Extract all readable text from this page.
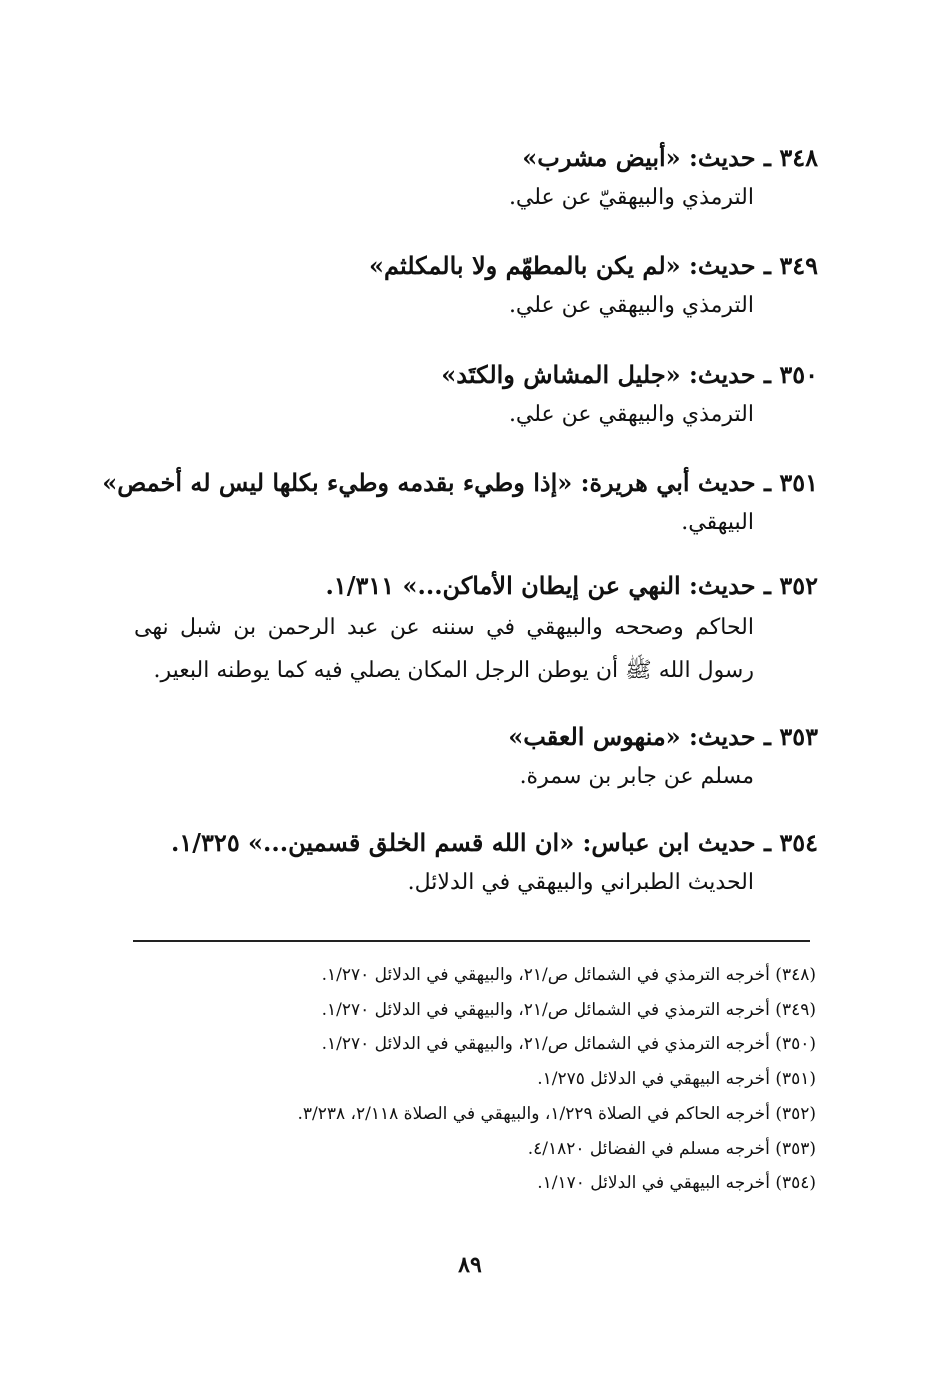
٣٤٨ ـ حديث: «أبيض مشرب»
الترمذي والبيهقيّ عن علي.
٣٤٩ ـ حديث: «لم يكن بالمطهّم ولا بالمكلثم»
الترمذي والبيهقي عن علي.
٣٥٠ ـ حديث: «جليل المشاش والكتَد»
الترمذي والبيهقي عن علي.
٣٥١ ـ حديث أبي هريرة: «إذا وطيء بقدمه وطيء بكلها ليس له أخمص»
البيهقي.
٣٥٢ ـ حديث: النهي عن إيطان الأماكن...» ١/٣١١.
الحاكم وصححه والبيهقي في سننه عن عبد الرحمن بن شبل نهى رسول الله ﷺ أن يوطن الرجل المكان يصلي فيه كما يوطنه البعير.
٣٥٣ ـ حديث: «منهوس العقب»
مسلم عن جابر بن سمرة.
٣٥٤ ـ حديث ابن عباس: «ان الله قسم الخلق قسمين...» ١/٣٢٥.
الحديث الطبراني والبيهقي في الدلائل.
(٣٤٨) أخرجه الترمذي في الشمائل ص/٢١، والبيهقي في الدلائل ١/٢٧٠.
(٣٤٩) أخرجه الترمذي في الشمائل ص/٢١، والبيهقي في الدلائل ١/٢٧٠.
(٣٥٠) أخرجه الترمذي في الشمائل ص/٢١، والبيهقي في الدلائل ١/٢٧٠.
(٣٥١) أخرجه البيهقي في الدلائل ١/٢٧٥.
(٣٥٢) أخرجه الحاكم في الصلاة ١/٢٢٩، والبيهقي في الصلاة ٢/١١٨، ٣/٢٣٨.
(٣٥٣) أخرجه مسلم في الفضائل ٤/١٨٢٠.
(٣٥٤) أخرجه البيهقي في الدلائل ١/١٧٠.
٨٩
